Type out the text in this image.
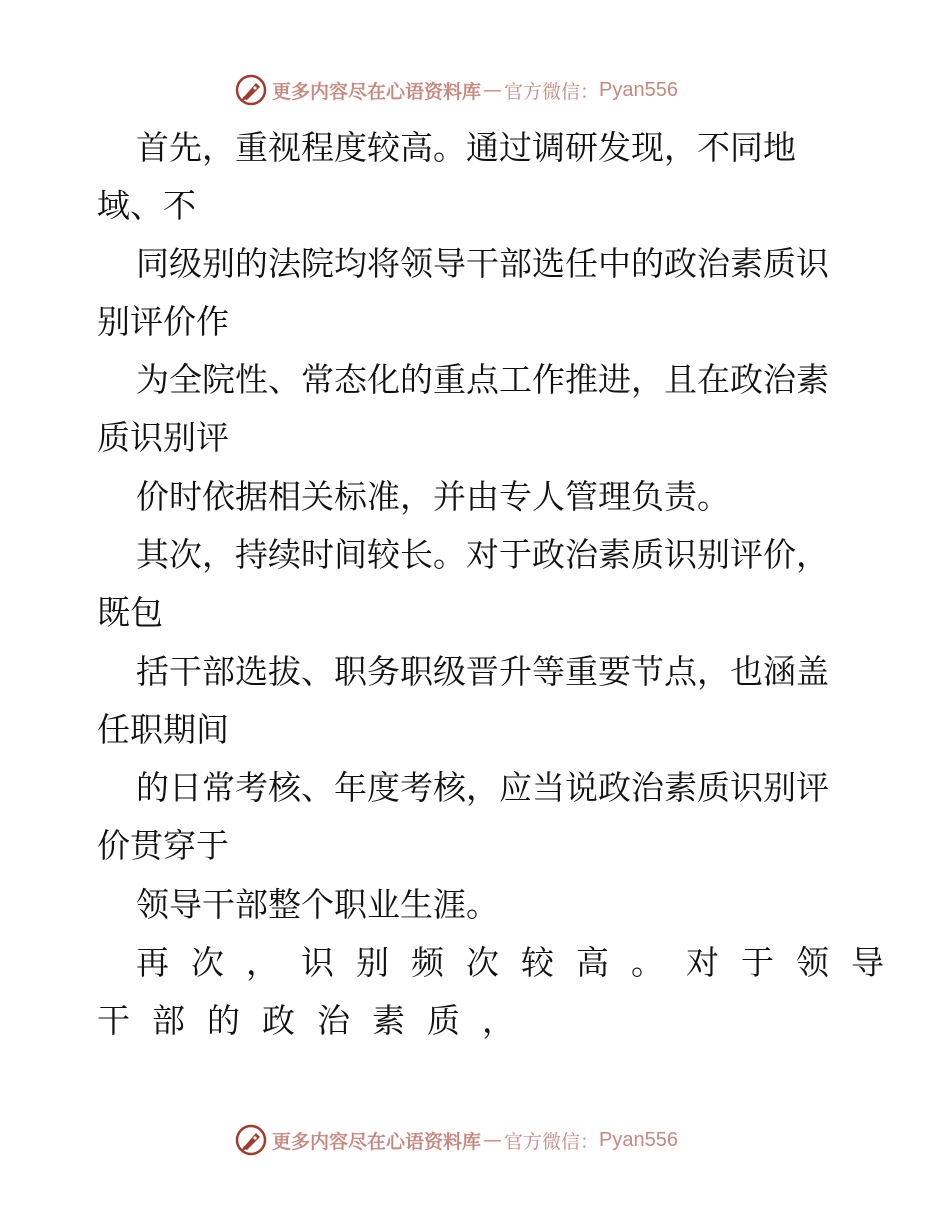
更多内容尽在心语资料库 — 官方微信： Pyan556
首先，重视程度较高。通过调研发现，不同地
域、不
同级别的法院均将领导干部选任中的政治素质识
别评价作
为全院性、常态化的重点工作推进，且在政治素
质识别评
价时依据相关标准，并由专人管理负责。
其次，持续时间较长。对于政治素质识别评价，
既包
括干部选拔、职务职级晋升等重要节点，也涵盖
任职期间
的日常考核、年度考核，应当说政治素质识别评
价贯穿于
领导干部整个职业生涯。
再次，识别频次较高。对于领导
干部的政治素质，
更多内容尽在心语资料库 — 官方微信： Pyan556
